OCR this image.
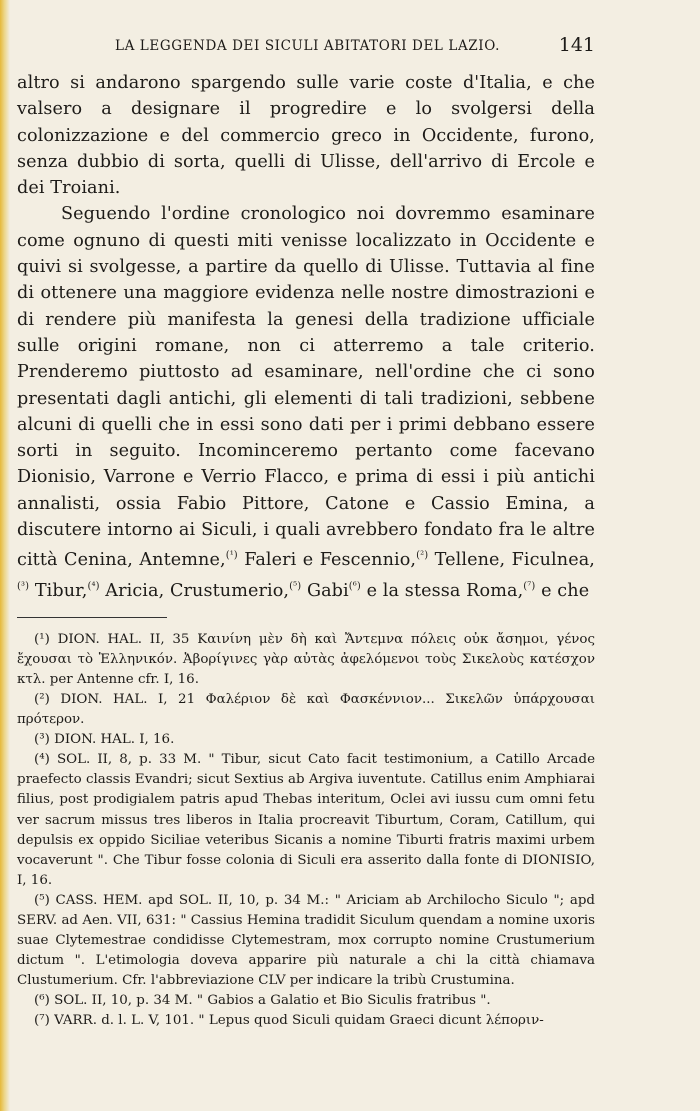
LA LEGGENDA DEI SICULI ABITATORI DEL LAZIO.	141

altro si andarono spargendo sulle varie coste d'Italia, e che valsero a designare il progredire e lo svolgersi della colonizzazione e del commercio greco in Occidente, furono, senza dubbio di sorta, quelli di Ulisse, dell'arrivo di Ercole e dei Troiani.

Seguendo l'ordine cronologico noi dovremmo esaminare come ognuno di questi miti venisse localizzato in Occidente e quivi si svolgesse, a partire da quello di Ulisse. Tuttavia al fine di ottenere una maggiore evidenza nelle nostre dimostrazioni e di rendere più manifesta la genesi della tradizione ufficiale sulle origini romane, non ci atterremo a tale criterio. Prenderemo piuttosto ad esaminare, nell'ordine che ci sono presentati dagli antichi, gli elementi di tali tradizioni, sebbene alcuni di quelli che in essi sono dati per i primi debbano essere sorti in seguito. Incominceremo pertanto come facevano Dionisio, Varrone e Verrio Flacco, e prima di essi i più antichi annalisti, ossia Fabio Pittore, Catone e Cassio Emina, a discutere intorno ai Siculi, i quali avrebbero fondato fra le altre città Cenina, Antemne,$^{(^1)}$ Faleri e Fescennio,$^{(^2)}$ Tellene, Ficulnea,$^{(^3)}$ Tibur,$^{(^4)}$ Aricia, Crustumerio,$^{(^5)}$ Gabi$^{(^6)}$ e la stessa Roma,$^{(^7)}$ e che

(¹) DION. HAL. II, 35 Καινίνη μὲν δὴ καὶ Ἄντεμνα πόλεις οὐκ ἄσημοι, γένος ἔχουσαι τὸ Ἑλληνικόν. Ἀβορίγινες γὰρ αὐτὰς ἀφελόμενοι τοὺς Σικελοὺς κατέσχον κτλ. per Antenne cfr. I, 16.

(²) DION. HAL. I, 21 Φαλέριον δὲ καὶ Φασκέννιον... Σικελῶν ὑπάρχουσαι πρότερον.

(³) DION. HAL. I, 16.

(⁴) SOL. II, 8, p. 33 M. " Tibur, sicut Cato facit testimonium, a Catillo Arcade praefecto classis Evandri; sicut Sextius ab Argiva iuventute. Catillus enim Amphiarai filius, post prodigialem patris apud Thebas interitum, Oclei avi iussu cum omni fetu ver sacrum missus tres liberos in Italia procreavit Tiburtum, Coram, Catillum, qui depulsis ex oppido Siciliae veteribus Sicanis a nomine Tiburti fratris maximi urbem vocaverunt ". Che Tibur fosse colonia di Siculi era asserito dalla fonte di DIONISIO, I, 16.

(⁵) CASS. HEM. apd SOL. II, 10, p. 34 M.: " Ariciam ab Archilocho Siculo "; apd SERV. ad Aen. VII, 631: " Cassius Hemina tradidit Siculum quendam a nomine uxoris suae Clytemestrae condidisse Clytemestram, mox corrupto nomine Crustumerium dictum ". L'etimologia doveva apparire più naturale a chi la città chiamava Clustumerium. Cfr. l'abbreviazione CLV per indicare la tribù Crustumina.

(⁶) SOL. II, 10, p. 34 M. " Gabios a Galatio et Bio Siculis fratribus ".

(⁷) VARR. d. l. L. V, 101. " Lepus quod Siculi quidam Graeci dicunt λέποριν-
